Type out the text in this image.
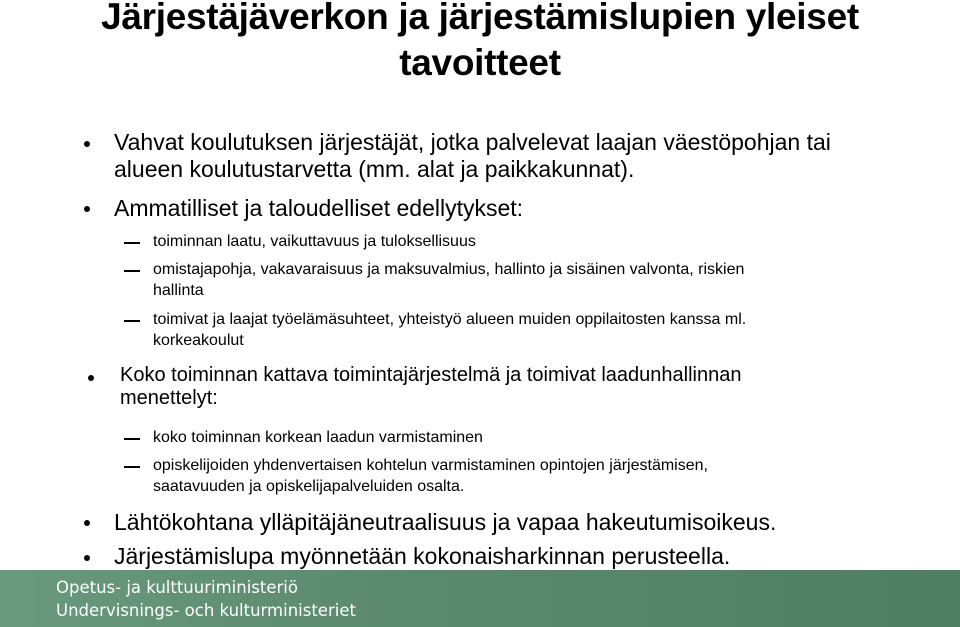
Järjestäjäverkon ja järjestämislupien yleiset
tavoitteet
Vahvat koulutuksen järjestäjät, jotka palvelevat laajan väestöpohjan tai
alueen koulutustarvetta (mm. alat ja paikkakunnat).
Ammatilliset ja taloudelliset edellytykset:
toiminnan laatu, vaikuttavuus ja tuloksellisuus
omistajapohja, vakavaraisuus ja maksuvalmius, hallinto ja sisäinen valvonta, riskien
hallinta
toimivat ja laajat työelämäsuhteet, yhteistyö alueen muiden oppilaitosten kanssa ml.
korkeakoulut
Koko toiminnan kattava toimintajärjestelmä ja toimivat laadunhallinnan
menettelyt:
koko toiminnan korkean laadun varmistaminen
opiskelijoiden yhdenvertaisen kohtelun varmistaminen opintojen järjestämisen,
saatavuuden ja opiskelijapalveluiden osalta.
Lähtökohtana ylläpitäjäneutraalisuus ja vapaa hakeutumisoikeus.
Järjestämislupa myönnetään kokonaisharkinnan perusteella.
Opetus- ja kulttuuriministeriö
Undervisnings- och kulturministeriet
